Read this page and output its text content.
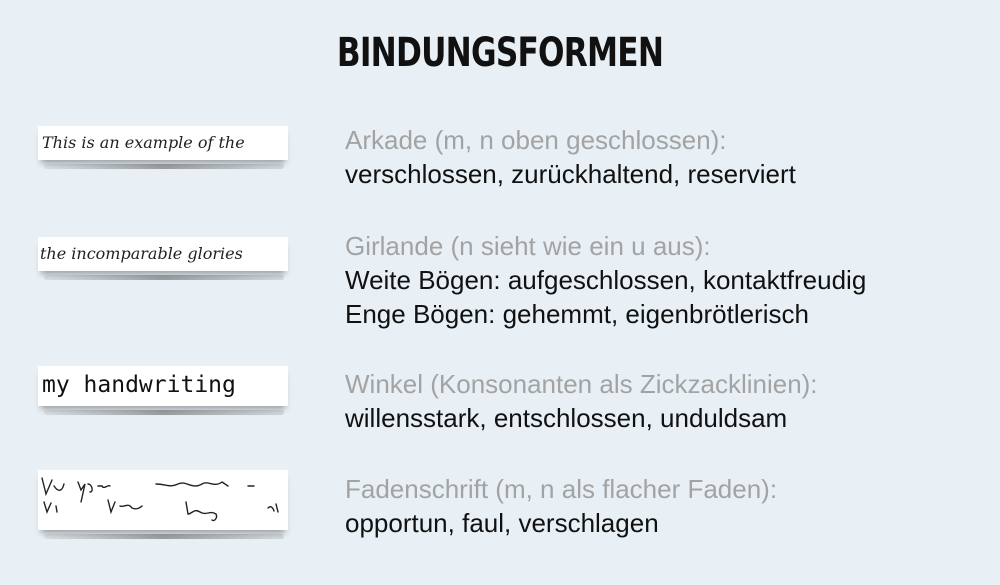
BINDUNGSFORMEN
This is an example of the	Arkade (m, n oben geschlossen):
verschlossen, zurückhaltend, reserviert
the incomparable glories	Girlande (n sieht wie ein u aus):
Weite Bögen: aufgeschlossen, kontaktfreudig
Enge Bögen: gehemmt, eigenbrötlerisch
my handwriting	Winkel (Konsonanten als Zickzacklinien):
willensstark, entschlossen, unduldsam
Fadenschrift (m, n als flacher Faden):
opportun, faul, verschlagen
